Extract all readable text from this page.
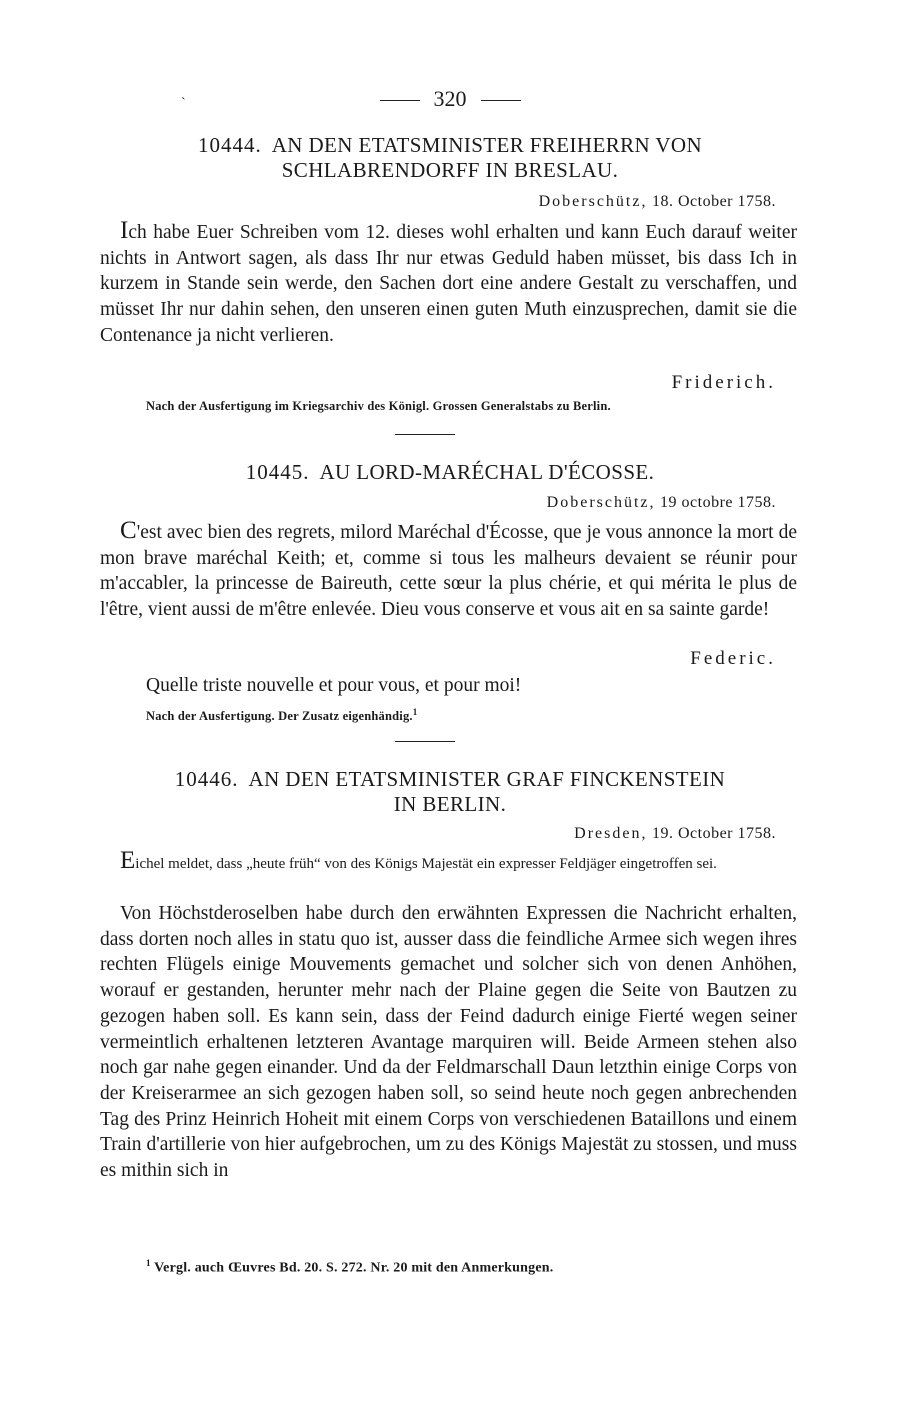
`	320
10444. AN DEN ETATSMINISTER FREIHERRN VON
SCHLABRENDORFF IN BRESLAU.
Doberschütz, 18. October 1758.

Ich habe Euer Schreiben vom 12. dieses wohl erhalten und kann Euch darauf weiter nichts in Antwort sagen, als dass Ihr nur etwas Geduld haben müsset, bis dass Ich in kurzem in Stande sein werde, den Sachen dort eine andere Gestalt zu verschaffen, und müsset Ihr nur dahin sehen, den unseren einen guten Muth einzusprechen, damit sie die Contenance ja nicht verlieren.

Friderich.
Nach der Ausfertigung im Kriegsarchiv des Königl. Grossen Generalstabs zu Berlin.
10445. AU LORD-MARÉCHAL D'ÉCOSSE.
Doberschütz, 19 octobre 1758.

C'est avec bien des regrets, milord Maréchal d'Écosse, que je vous annonce la mort de mon brave maréchal Keith; et, comme si tous les malheurs devaient se réunir pour m'accabler, la princesse de Baireuth, cette sœur la plus chérie, et qui mérita le plus de l'être, vient aussi de m'être enlevée. Dieu vous conserve et vous ait en sa sainte garde!

Federic.
Quelle triste nouvelle et pour vous, et pour moi!
Nach der Ausfertigung. Der Zusatz eigenhändig.$^1$
10446. AN DEN ETATSMINISTER GRAF FINCKENSTEIN
IN BERLIN.
Dresden, 19. October 1758.

Eichel meldet, dass „heute früh“ von des Königs Majestät ein expresser Feldjäger eingetroffen sei.

Von Höchstderoselben habe durch den erwähnten Expressen die Nachricht erhalten, dass dorten noch alles in statu quo ist, ausser dass die feindliche Armee sich wegen ihres rechten Flügels einige Mouvements gemachet und solcher sich von denen Anhöhen, worauf er gestanden, herunter mehr nach der Plaine gegen die Seite von Bautzen zu gezogen haben soll. Es kann sein, dass der Feind dadurch einige Fierté wegen seiner vermeintlich erhaltenen letzteren Avantage marquiren will. Beide Armeen stehen also noch gar nahe gegen einander. Und da der Feldmarschall Daun letzthin einige Corps von der Kreiserarmee an sich gezogen haben soll, so seind heute noch gegen anbrechenden Tag des Prinz Heinrich Hoheit mit einem Corps von verschiedenen Bataillons und einem Train d'artillerie von hier aufgebrochen, um zu des Königs Majestät zu stossen, und muss es mithin sich in

$^1$ Vergl. auch Œuvres Bd. 20. S. 272. Nr. 20 mit den Anmerkungen.
